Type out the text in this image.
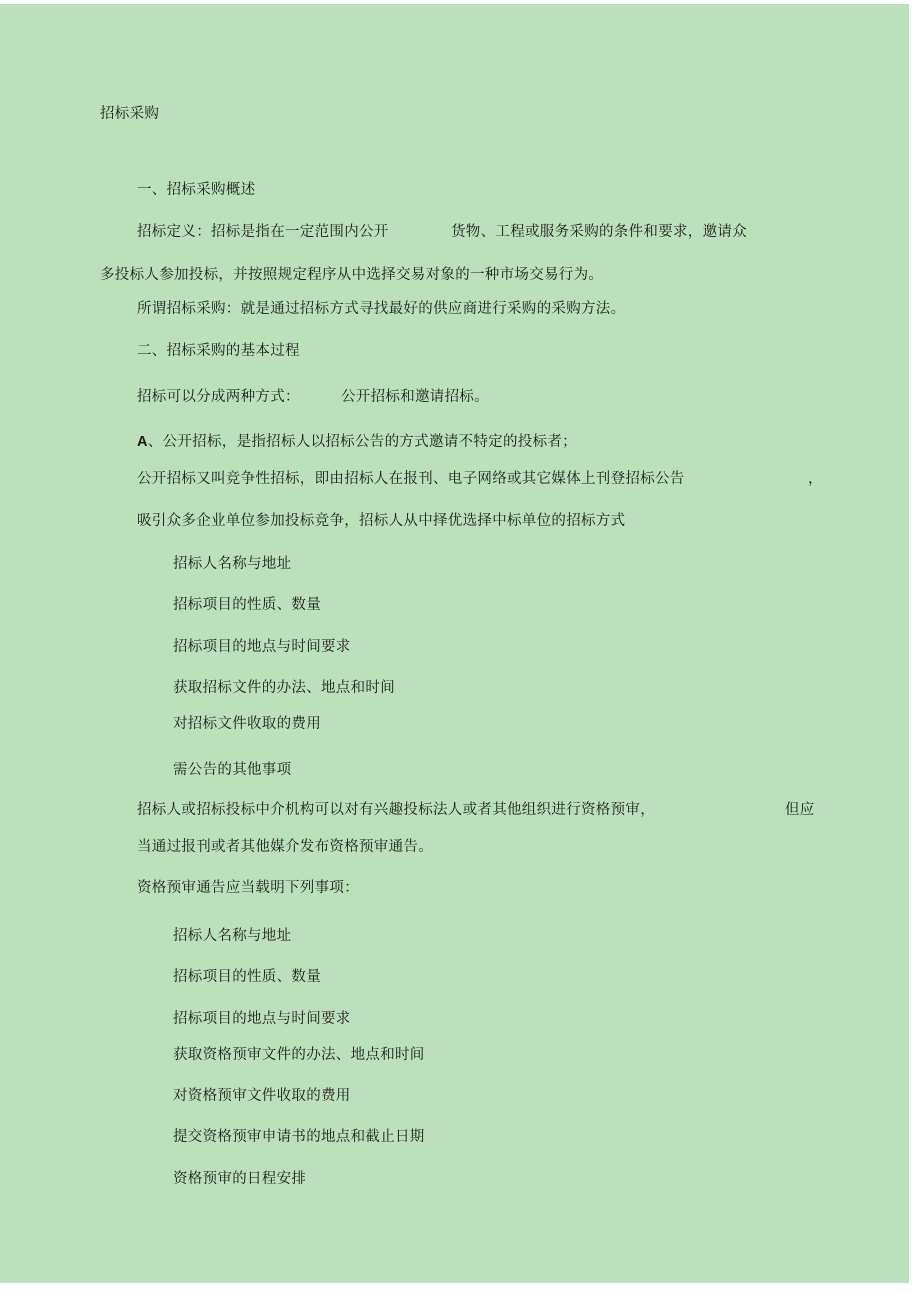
招标采购
一、招标采购概述
招标定义：招标是指在一定范围内公开	货物、工程或服务采购的条件和要求，邀请众
多投标人参加投标，并按照规定程序从中选择交易对象的一种市场交易行为。
所谓招标采购：就是通过招标方式寻找最好的供应商进行采购的采购方法。
二、招标采购的基本过程
招标可以分成两种方式：	公开招标和邀请招标。
A、公开招标，是指招标人以招标公告的方式邀请不特定的投标者；
公开招标又叫竞争性招标，即由招标人在报刊、电子网络或其它媒体上刊登招标公告	，
吸引众多企业单位参加投标竞争，招标人从中择优选择中标单位的招标方式
招标人名称与地址
招标项目的性质、数量
招标项目的地点与时间要求
获取招标文件的办法、地点和时间
对招标文件收取的费用
需公告的其他事项
招标人或招标投标中介机构可以对有兴趣投标法人或者其他组织进行资格预审，	但应
当通过报刊或者其他媒介发布资格预审通告。
资格预审通告应当载明下列事项：
招标人名称与地址
招标项目的性质、数量
招标项目的地点与时间要求
获取资格预审文件的办法、地点和时间
对资格预审文件收取的费用
提交资格预审申请书的地点和截止日期
资格预审的日程安排
